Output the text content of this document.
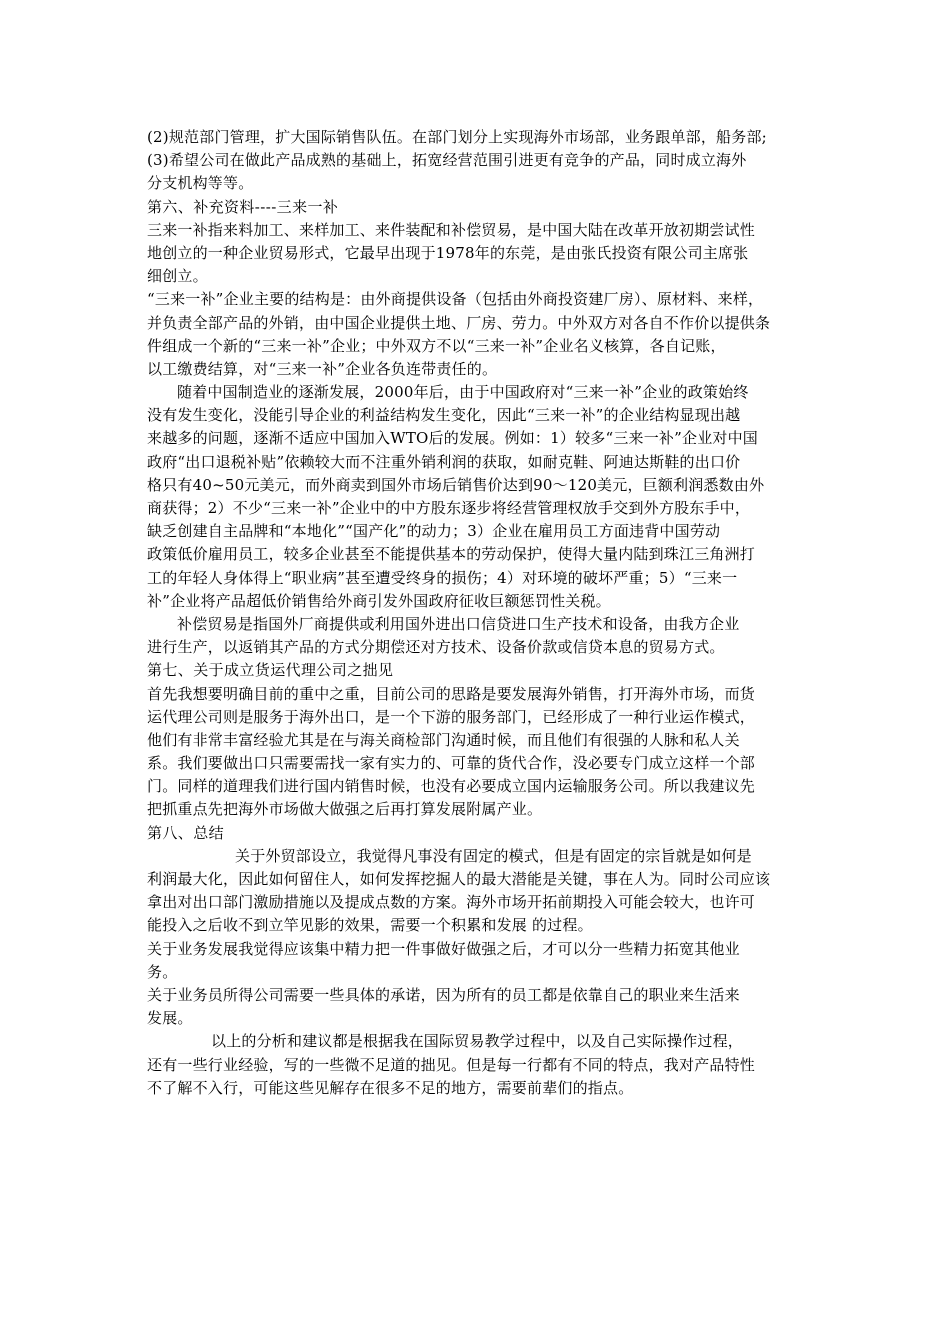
(2)规范部门管理，扩大国际销售队伍。在部门划分上实现海外市场部，业务跟单部，船务部;
(3)希望公司在做此产品成熟的基础上，拓宽经营范围引进更有竞争的产品，同时成立海外
分支机构等等。
第六、补充资料----三来一补
三来一补指来料加工、来样加工、来件装配和补偿贸易，是中国大陆在改革开放初期尝试性
地创立的一种企业贸易形式，它最早出现于1978年的东莞，是由张氏投资有限公司主席张
细创立。
“三来一补”企业主要的结构是：由外商提供设备（包括由外商投资建厂房）、原材料、来样，
并负责全部产品的外销，由中国企业提供土地、厂房、劳力。中外双方对各自不作价以提供条
件组成一个新的“三来一补”企业；中外双方不以“三来一补”企业名义核算，各自记账，
以工缴费结算，对“三来一补”企业各负连带责任的。
随着中国制造业的逐渐发展，2000年后，由于中国政府对“三来一补”企业的政策始终
没有发生变化，没能引导企业的利益结构发生变化，因此“三来一补”的企业结构显现出越
来越多的问题，逐渐不适应中国加入WTO后的发展。例如：1）较多“三来一补”企业对中国
政府“出口退税补贴”依赖较大而不注重外销利润的获取，如耐克鞋、阿迪达斯鞋的出口价
格只有40~50元美元，而外商卖到国外市场后销售价达到90～120美元，巨额利润悉数由外
商获得；2）不少“三来一补”企业中的中方股东逐步将经营管理权放手交到外方股东手中，
缺乏创建自主品牌和“本地化”“国产化”的动力；3）企业在雇用员工方面违背中国劳动
政策低价雇用员工，较多企业甚至不能提供基本的劳动保护，使得大量内陆到珠江三角洲打
工的年轻人身体得上“职业病”甚至遭受终身的损伤；4）对环境的破坏严重；5）“三来一
补”企业将产品超低价销售给外商引发外国政府征收巨额惩罚性关税。
补偿贸易是指国外厂商提供或利用国外进出口信贷进口生产技术和设备，由我方企业
进行生产，以返销其产品的方式分期偿还对方技术、设备价款或信贷本息的贸易方式。
第七、关于成立货运代理公司之拙见
首先我想要明确目前的重中之重，目前公司的思路是要发展海外销售，打开海外市场，而货
运代理公司则是服务于海外出口，是一个下游的服务部门，已经形成了一种行业运作模式，
他们有非常丰富经验尤其是在与海关商检部门沟通时候，而且他们有很强的人脉和私人关
系。我们要做出口只需要需找一家有实力的、可靠的货代合作，没必要专门成立这样一个部
门。同样的道理我们进行国内销售时候，也没有必要成立国内运输服务公司。所以我建议先
把抓重点先把海外市场做大做强之后再打算发展附属产业。
第八、总结
关于外贸部设立，我觉得凡事没有固定的模式，但是有固定的宗旨就是如何是
利润最大化，因此如何留住人，如何发挥挖掘人的最大潜能是关键，事在人为。同时公司应该
拿出对出口部门激励措施以及提成点数的方案。海外市场开拓前期投入可能会较大，也许可
能投入之后收不到立竿见影的效果，需要一个积累和发展 的过程。
关于业务发展我觉得应该集中精力把一件事做好做强之后，才可以分一些精力拓宽其他业
务。
关于业务员所得公司需要一些具体的承诺，因为所有的员工都是依靠自己的职业来生活来
发展。
以上的分析和建议都是根据我在国际贸易教学过程中，以及自己实际操作过程，
还有一些行业经验，写的一些微不足道的拙见。但是每一行都有不同的特点，我对产品特性
不了解不入行，可能这些见解存在很多不足的地方，需要前辈们的指点。
